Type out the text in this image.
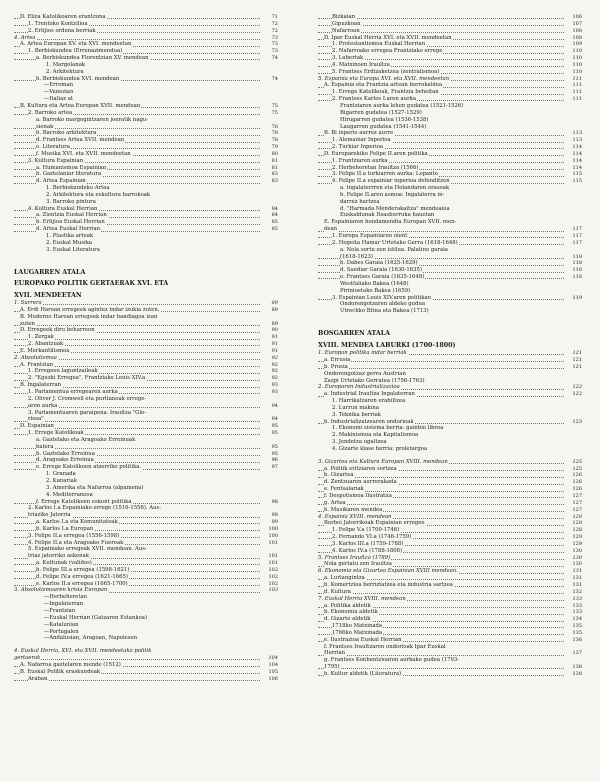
D. Eliza Katolikoaren erantzuna	71
1. Trentoko Kontzilioa	72
2. Erlijios ordena berriak	72
4. Artea	73
A. Artea Europan XV. eta XVI. mendeetan	73
1. Berbiskundea (Errenazimendua)	73
a. Berbiskundea Florentzian XV. mendean	74
1. Margolanak
2. Arkitektura
b. Berbiskundea XVI. mendean	74
—Erroman
—Venezian
—Italiaz at
B. Kultura eta Artea Europan XVII. mendean	75
2. Barroko artea	75
a. Barroko margogintzaren joeratik nagu-
sienak	76
b. Barroko arkitektura	78
d. Frantses Artea XVII. mendean	78
e. Literatura	79
f. Musika XVI. eta XVII. mendeetan	80
3. Kultura Espainian	81
a. Humanismoa Espainian	81
b. Gaztelaniar literatura	83
d. Artea Espainian	83
1. Berbiskundeko Artea
2. Arkitektura eta eskultura barrokoak
3. Barroko pintura
4. Kultura Euskal Herrian	84
a. Zientzia Euskal Herrian	84
b. Erlijioa Euskal Herrian	85
d. Artea Euskal Herrian	85
1. Plastika arteak
2. Euskal Musika
3. Euskal Literatura
LAUGARREN ATALA
EUROPAKO POLITIK GERTAERAK XVI. ETA
XVII. MENDEETAN
1. Surrera	89
A. Erdi Haroan erregeek agintez indar izukia zuten.	89
B. Moderno Haroan erregeek indar handiagoa izan
zuten	89
D. Erregeek diru beharreon	90
1. Zergak	91
2. Abantzuak	91
E. Merkantilismoa	91
2. Absolutismoa	92
A. Frantzian	92
1. Erregeen laguntzaileak	92
2. "Eguzki Erregea", Frantziako Louis XIV.a	92
B. Ingalaterran	93
1. Parlamentua erregearen aurka	93
2. Oliver J. Cromwell eta puritanoak errege-
aren aurka	94
3. Parlamentuaren garaipena. Iraultza "Glo-
riosa"	94
D. Espainian	95
1. Errege Katolikoak	95
a. Gaztelako eta Aragoako Erreinuak
batera	95
b. Gaztelako Erreinua	95
d. Aragoako Erreinua	96
e. Errege Katolikoen atzerriko politika.	97
1. Granada
2. Kanariak
3. Amerika eta Nafarroa (alpamena)
4. Mediterraneoa
f. Errege Katolikoen eskont politika	98
2. Karlos I.a Espainiako errege (1516-1556). Aus-
triaziko Jatorria	98
a. Karlos I.a eta Komunitateak	99
b. Karlos I.a Europan	100
3. Felipe II.a erregea (1556-1598)	100
4. Felipe II.a eta Aragoako Fueroak	101
5. Espainiako erregeak XVII. mendean. Aus-
triaz jatorriko askenak	101
a. Kuttunak (validos)	101
b. Felipe III.a erregea (1598-1621)	102
d. Felipe IV.a erregea (1621-1665)	102
e. Karlos II.a erregea (1665-1700)	102
3. Absolutismoaren krisia Europan	103
—Herbeheretan
—Ingalaterran
—Frantzian
—Euskal Herrian (Gatzaren Estankoa)
—Katalunian
—Portugalen
—Andalusian, Aragoan, Napolesen
4. Euskal Herria, XVI. eta XVII. mendeetako politik
gertaerak	104
A. Nafarroa gaztelaren mende (1512)	104
B. Euskal Politik eraskundeak	105
Araban	106
Bizkaian	106
Gipuzkoan	107
Nafarroan	108
D. Ipar Euskal Herria XVI. eta XVII. mendeetan	108
1. Protestantismoa Euskal Herrian	109
2. Nafarroako erregea Frantziako errege	110
3. Lubertak	110
4. Matxinoen Iraultza	110
5. Frantses Erdizaketzea (zentralismoa)	110
5. Espainia eta Europa XVI. eta XVII. mendeetan	111
A. Espainia eta Frantzia artean borrokaldea	111
1. Errege Katolikoak, Frantzia beheitan	111
2. Frantses Karlos I.aren aurka	111
Frantziaren aurka lehen gudatea (1521-1526)
Bigarren gudatea (1527-1529)
Hirugarren gudatea (1536-1538)
Laugarren gudatea (1541-1544)
B. Bi inperio aurrez aurre	113
1. Alemaniar Inperioa	113
2. Turkiar Inperioa	114
D. Europarekiko Felipe II.aren politika	114
1. Frantziaren aurka	114
2. Herbeheretan Iraultza (1566)	114
3. Felipe II.a turkiarren aurka: Lepanto	115
4. Felipe II.a espainiar inperioa defenditzen	115
a. Ingalaterrren eta Holandaren erasoak
b. Felipe II.aren asmoa: Ingalaterra in-
darrez hartzea
d. "Harmada Menderakaitza" mendeaioa
Euskaldunak Itsasburruka hauetan
E. Espainiaren hondamendia Europan XVII. men-
dean	117
1. Europa Espainiaren olent	117
2. Hogeita Hamar Urtetako Gerra (1618-1648)	117
a. Nola sortu zen istilua. Palatino garaia
(1618-1623)	118
b. Dabes Garaia (1625-1629)	118
d. Suediar Garaia (1630-1635)	118
e. Frantses Garaia (1635-1648)	118
Westfaliako Bakea (1648)
Pirinioetako Bakea (1659)
3. Espainian Louis XIV.aren politikan	119
Ondorengotzaren aldeko gudua
Utrechko Bitna eta Bakea (1713)
BOSGARREN ATALA
XVIII. MENDEA LABURKI (1700-1800)
1. Europan politika indar berriak	121
a. Errusia	121
b. Prusia	121
Ondorengotzaz gerra Austrian
Zazpi Urtetako Gerratea (1756-1763)
2. Europaren Industrializazioa	122
a. Industrial Iraultza Ingalaterran	122
1. Harrikatzaren erabiltzea
2. Lurrun makina
3. Teknika berriak
b. Industrializatzearen ondorioak	123
1. Ekonomi sistema berria: gainbio librea
2. Makinismoa eta Kapitalismoa
3. Jendetza ugaltzea
4. Gizarte klase berria: proletargoa
3. Gizartea eta Kultura Europan XVIII. mendean	125
a. Politik eritziaren sortzea	125
b. Gizartea	126
d. Zentzuaren aurrerakada	126
e. Fentsalariak	126
f. Despotismoa Ilustratua	127
g. Artea	127
h. Musikaren mendea	127
4. Espainia XVIII. mendean	128
Borboi Jatorrikoak Espainian erregee	128
1. Felipe V.a (1700-1746)	128
2. Fernando VI.a (1746-1759)	129
3. Karlos III.a (1759-1788)	129
4. Karlos IV.a (1788-1808)	130
5. Frantses Iraultza (1789)	130
Nola gertatu zen Iraultza	130
6. Ekonomia eta Gizartea Espainian XVIII mendean.	131
a. Lurlangintza	131
b. Komertzioa berriztatzea eta industria sartzea	131
d. Kultura	132
7. Euskal Herria XVIII. mendean	133
a. Politika aldetik	133
b. Ekonomia aldetik	133
d. Gizarte aldetik	134
1718ko Matxinada	135
1766ko Matxinada	135
e. Ilustrazioa Euskal Herrian	136
f. Frantses Iraultzaren ondorioak Ipar Euskal
Herrian	137
g. Frantses Konbentzioaren aurkako gudea (1793-
1795)	138
h. Kultur aldetik (Literatura)	138
